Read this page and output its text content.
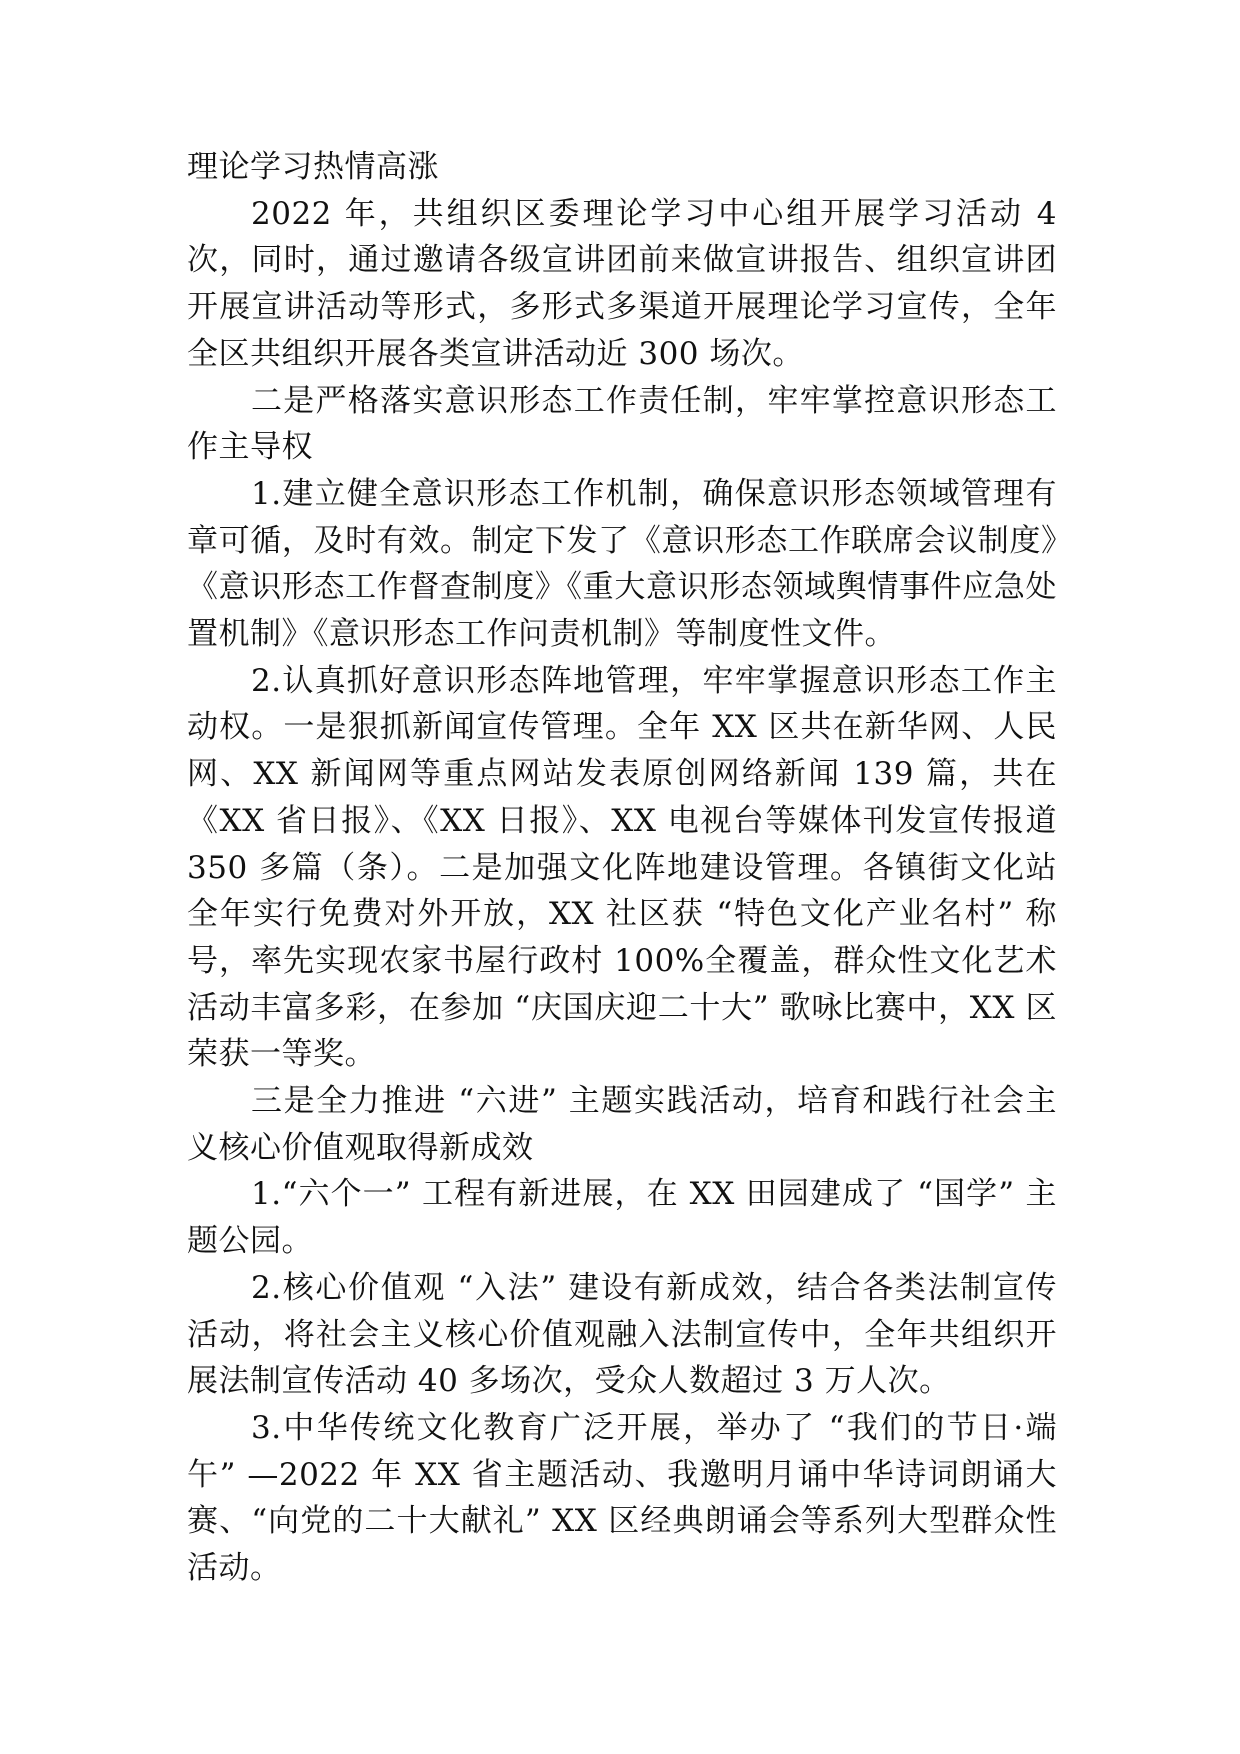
理论学习热情高涨

2022 年，共组织区委理论学习中心组开展学习活动 4 次，同时，通过邀请各级宣讲团前来做宣讲报告、组织宣讲团开展宣讲活动等形式，多形式多渠道开展理论学习宣传，全年全区共组织开展各类宣讲活动近 300 场次。

二是严格落实意识形态工作责任制，牢牢掌控意识形态工作主导权

1.建立健全意识形态工作机制，确保意识形态领域管理有章可循，及时有效。制定下发了《意识形态工作联席会议制度》《意识形态工作督查制度》《重大意识形态领域舆情事件应急处置机制》《意识形态工作问责机制》等制度性文件。

2.认真抓好意识形态阵地管理，牢牢掌握意识形态工作主动权。一是狠抓新闻宣传管理。全年 XX 区共在新华网、人民网、XX 新闻网等重点网站发表原创网络新闻 139 篇，共在《XX 省日报》、《XX 日报》、XX 电视台等媒体刊发宣传报道 350 多篇（条）。二是加强文化阵地建设管理。各镇街文化站全年实行免费对外开放，XX 社区获 “特色文化产业名村” 称号，率先实现农家书屋行政村 100%全覆盖，群众性文化艺术活动丰富多彩，在参加 “庆国庆迎二十大” 歌咏比赛中，XX 区荣获一等奖。

三是全力推进 “六进” 主题实践活动，培育和践行社会主义核心价值观取得新成效

1.“六个一” 工程有新进展，在 XX 田园建成了 “国学” 主题公园。

2.核心价值观 “入法” 建设有新成效，结合各类法制宣传活动，将社会主义核心价值观融入法制宣传中，全年共组织开展法制宣传活动 40 多场次，受众人数超过 3 万人次。

3.中华传统文化教育广泛开展，举办了 “我们的节日·端午” —2022 年 XX 省主题活动、我邀明月诵中华诗词朗诵大赛、“向党的二十大献礼” XX 区经典朗诵会等系列大型群众性活动。
